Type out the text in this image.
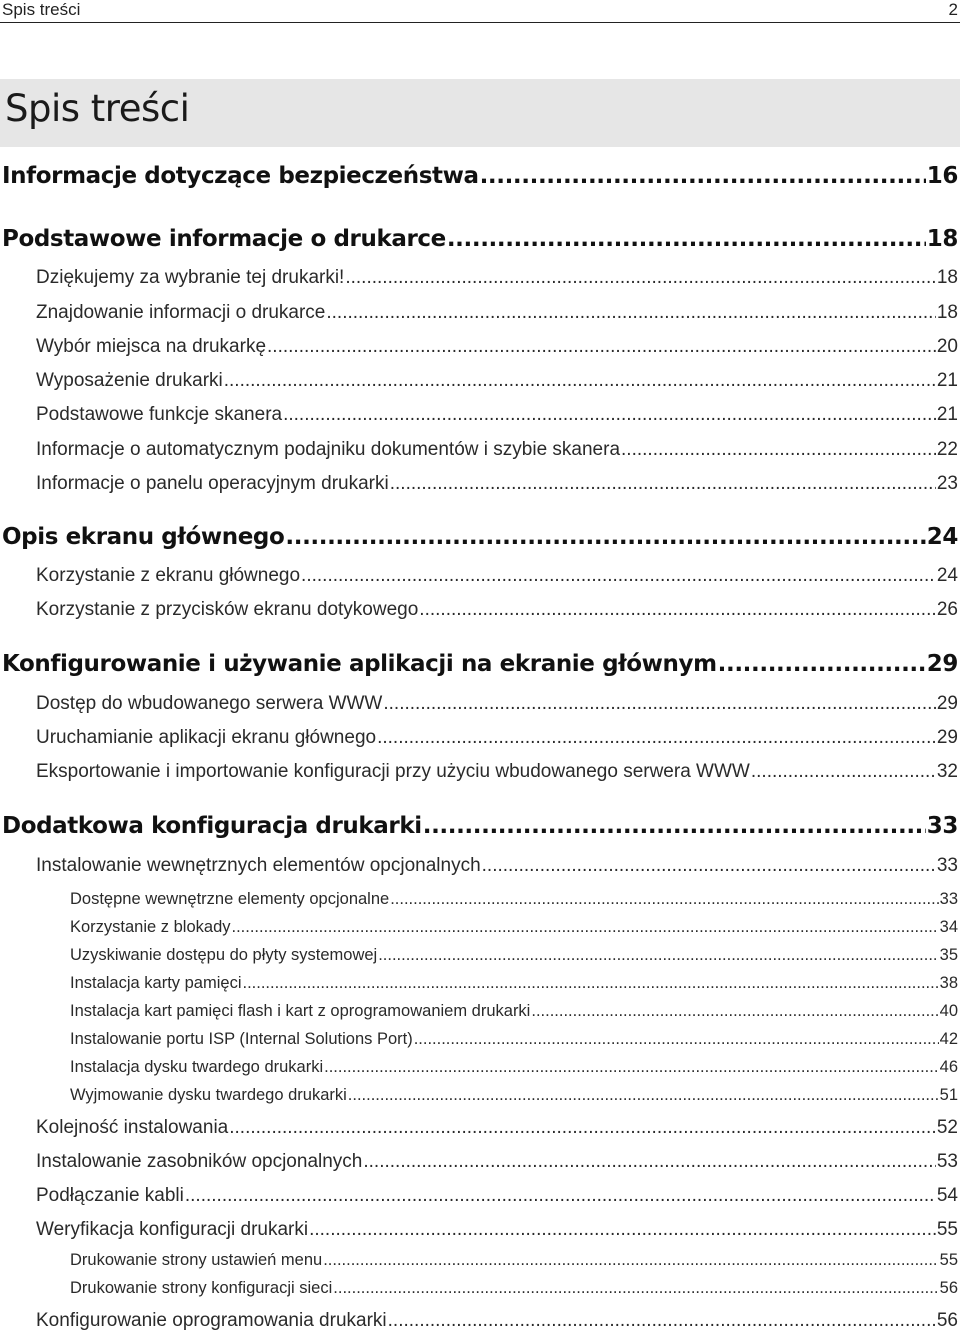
Spis treści	2
Spis treści
Informacje dotyczące bezpieczeństwa .....	16
Podstawowe informacje o drukarce .....	18
Dziękujemy za wybranie tej drukarki! .....	18
Znajdowanie informacji o drukarce .....	18
Wybór miejsca na drukarkę .....	20
Wyposażenie drukarki .....	21
Podstawowe funkcje skanera .....	21
Informacje o automatycznym podajniku dokumentów i szybie skanera .....	22
Informacje o panelu operacyjnym drukarki .....	23
Opis ekranu głównego .....	24
Korzystanie z ekranu głównego .....	24
Korzystanie z przycisków ekranu dotykowego .....	26
Konfigurowanie i używanie aplikacji na ekranie głównym .....	29
Dostęp do wbudowanego serwera WWW .....	29
Uruchamianie aplikacji ekranu głównego .....	29
Eksportowanie i importowanie konfiguracji przy użyciu wbudowanego serwera WWW .....	32
Dodatkowa konfiguracja drukarki .....	33
Instalowanie wewnętrznych elementów opcjonalnych .....	33
Dostępne wewnętrzne elementy opcjonalne .....	33
Korzystanie z blokady .....	34
Uzyskiwanie dostępu do płyty systemowej .....	35
Instalacja karty pamięci .....	38
Instalacja kart pamięci flash i kart z oprogramowaniem drukarki .....	40
Instalowanie portu ISP (Internal Solutions Port) .....	42
Instalacja dysku twardego drukarki .....	46
Wyjmowanie dysku twardego drukarki .....	51
Kolejność instalowania .....	52
Instalowanie zasobników opcjonalnych .....	53
Podłączanie kabli .....	54
Weryfikacja konfiguracji drukarki .....	55
Drukowanie strony ustawień menu .....	55
Drukowanie strony konfiguracji sieci .....	56
Konfigurowanie oprogramowania drukarki .....	56
